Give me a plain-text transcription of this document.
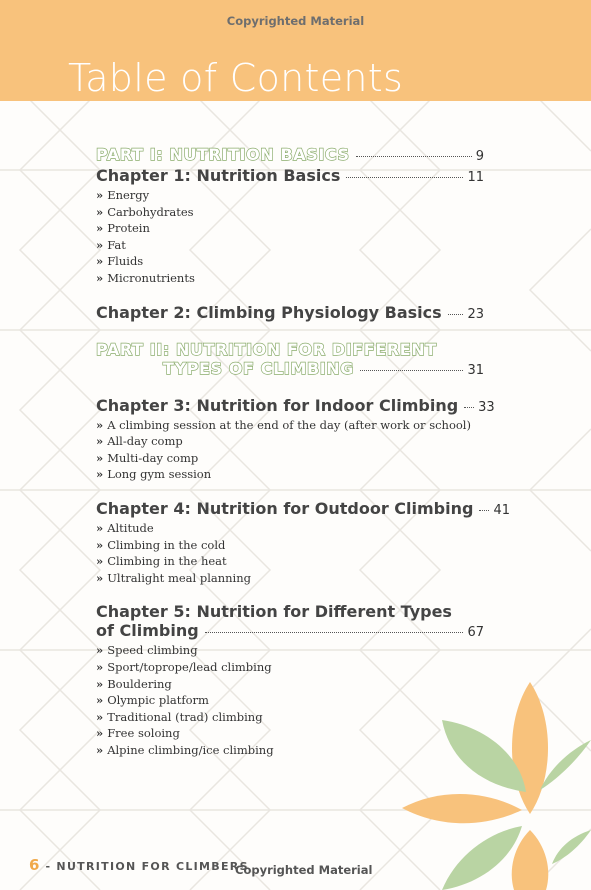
Copyrighted Material
Table of Contents
PART I: NUTRITION BASICS	9
Chapter 1: Nutrition Basics	11
» Energy
» Carbohydrates
» Protein
» Fat
» Fluids
» Micronutrients
Chapter 2: Climbing Physiology Basics 23
PART II: NUTRITION FOR DIFFERENT
TYPES OF CLIMBING	31
Chapter 3: Nutrition for Indoor Climbing 33
» A climbing session at the end of the day (after work or school)
» All-day comp
» Multi-day comp
» Long gym session
Chapter 4: Nutrition for Outdoor Climbing 41
» Altitude
» Climbing in the cold
» Climbing in the heat
» Ultralight meal planning
Chapter 5: Nutrition for Different Types
of Climbing	67
» Speed climbing
» Sport/toprope/lead climbing
» Bouldering
» Olympic platform
» Traditional (trad) climbing
» Free soloing
» Alpine climbing/ice climbing
6 - NUTRITION FOR CLIMBERS
Copyrighted Material
